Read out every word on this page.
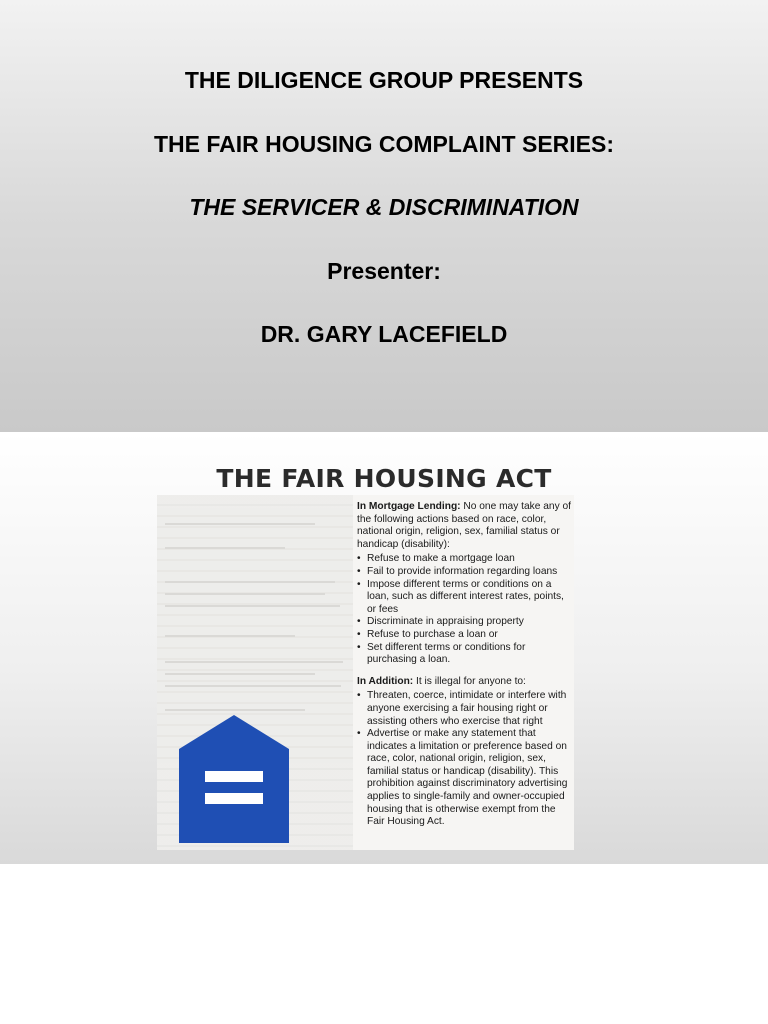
THE DILIGENCE GROUP PRESENTS

THE FAIR HOUSING COMPLAINT SERIES:

THE SERVICER & DISCRIMINATION

Presenter:

DR. GARY LACEFIELD

THE FAIR HOUSING ACT

In Mortgage Lending: No one may take any of the following actions based on race, color, national origin, religion, sex, familial status or handicap (disability):

• Refuse to make a mortgage loan
• Fail to provide information regarding loans
• Impose different terms or conditions on a loan, such as different interest rates, points, or fees
• Discriminate in appraising property
• Refuse to purchase a loan or
• Set different terms or conditions for purchasing a loan.

In Addition: It is illegal for anyone to:

• Threaten, coerce, intimidate or interfere with anyone exercising a fair housing right or assisting others who exercise that right
• Advertise or make any statement that indicates a limitation or preference based on race, color, national origin, religion, sex, familial status or handicap (disability). This prohibition against discriminatory advertising applies to single-family and owner-occupied housing that is otherwise exempt from the Fair Housing Act.
